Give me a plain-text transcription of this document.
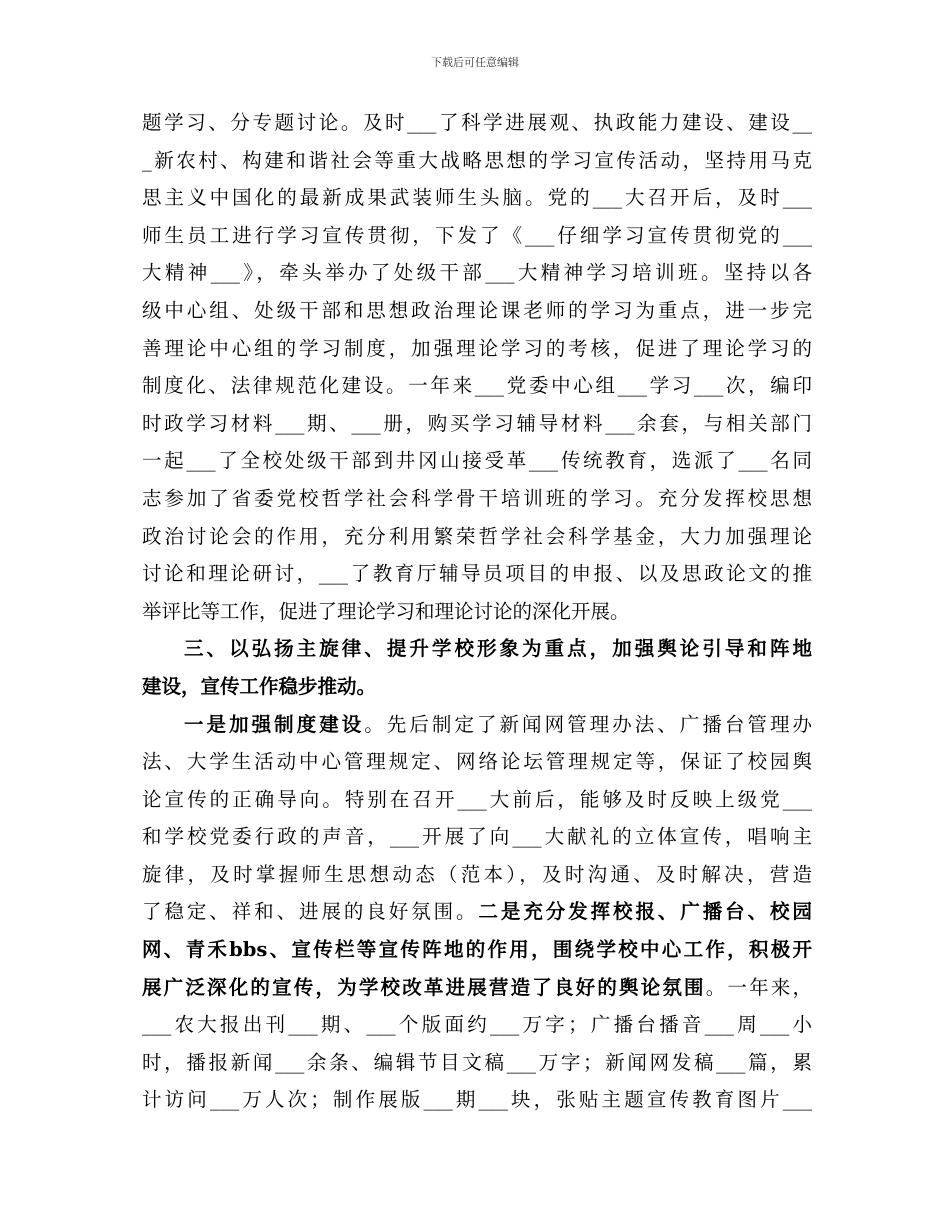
下载后可任意编辑
题学习、分专题讨论。及时___了科学进展观、执政能力建设、建设__
_新农村、构建和谐社会等重大战略思想的学习宣传活动，坚持用马克
思主义中国化的最新成果武装师生头脑。党的___大召开后，及时___
师生员工进行学习宣传贯彻，下发了《___仔细学习宣传贯彻党的___
大精神___》，牵头举办了处级干部___大精神学习培训班。坚持以各
级中心组、处级干部和思想政治理论课老师的学习为重点，进一步完
善理论中心组的学习制度，加强理论学习的考核，促进了理论学习的
制度化、法律规范化建设。一年来___党委中心组___学习___次，编印
时政学习材料___期、___册，购买学习辅导材料___余套，与相关部门
一起___了全校处级干部到井冈山接受革___传统教育，选派了___名同
志参加了省委党校哲学社会科学骨干培训班的学习。充分发挥校思想
政治讨论会的作用，充分利用繁荣哲学社会科学基金，大力加强理论
讨论和理论研讨，___了教育厅辅导员项目的申报、以及思政论文的推
举评比等工作，促进了理论学习和理论讨论的深化开展。
三、以弘扬主旋律、提升学校形象为重点，加强舆论引导和阵地
建设，宣传工作稳步推动。
一是加强制度建设。先后制定了新闻网管理办法、广播台管理办
法、大学生活动中心管理规定、网络论坛管理规定等，保证了校园舆
论宣传的正确导向。特别在召开___大前后，能够及时反映上级党___
和学校党委行政的声音，___开展了向___大献礼的立体宣传，唱响主
旋律，及时掌握师生思想动态（范本），及时沟通、及时解决，营造
了稳定、祥和、进展的良好氛围。二是充分发挥校报、广播台、校园
网、青禾bbs、宣传栏等宣传阵地的作用，围绕学校中心工作，积极开
展广泛深化的宣传，为学校改革进展营造了良好的舆论氛围。一年来，
___农大报出刊___期、___个版面约___万字；广播台播音___周___小
时，播报新闻___余条、编辑节目文稿___万字；新闻网发稿___篇，累
计访问___万人次；制作展版___期___块，张贴主题宣传教育图片___
